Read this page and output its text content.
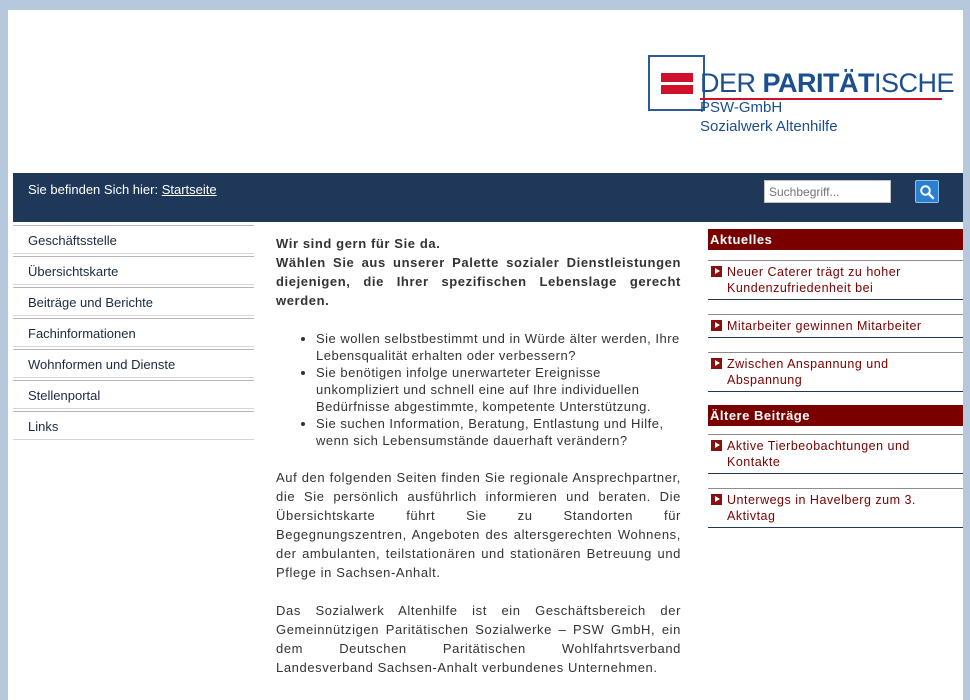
DER PARITÄTISCHE
PSW-GmbH
Sozialwerk Altenhilfe
Sie befinden Sich hier: Startseite
Suchbegriff...
Geschäftsstelle
Übersichtskarte
Beiträge und Berichte
Fachinformationen
Wohnformen und Dienste
Stellenportal
Links

Wir sind gern für Sie da.
Wählen Sie aus unserer Palette sozialer Dienstleistungen diejenigen, die Ihrer spezifischen Lebenslage gerecht werden.

• Sie wollen selbstbestimmt und in Würde älter werden, Ihre Lebensqualität erhalten oder verbessern?
• Sie benötigen infolge unerwarteter Ereignisse unkompliziert und schnell eine auf Ihre individuellen Bedürfnisse abgestimmte, kompetente Unterstützung.
• Sie suchen Information, Beratung, Entlastung und Hilfe, wenn sich Lebensumstände dauerhaft verändern?

Auf den folgenden Seiten finden Sie regionale Ansprechpartner, die Sie persönlich ausführlich informieren und beraten. Die Übersichtskarte führt Sie zu Standorten für Begegnungszentren, Angeboten des altersgerechten Wohnens, der ambulanten, teilstationären und stationären Betreuung und Pflege in Sachsen-Anhalt.

Das Sozialwerk Altenhilfe ist ein Geschäftsbereich der Gemeinnützigen Paritätischen Sozialwerke – PSW GmbH, ein dem Deutschen Paritätischen Wohlfahrtsverband Landesverband Sachsen-Anhalt verbundenes Unternehmen.

Aktuelles
Neuer Caterer trägt zu hoher Kundenzufriedenheit bei
Mitarbeiter gewinnen Mitarbeiter
Zwischen Anspannung und Abspannung
Ältere Beiträge
Aktive Tierbeobachtungen und Kontakte
Unterwegs in Havelberg zum 3. Aktivtag
